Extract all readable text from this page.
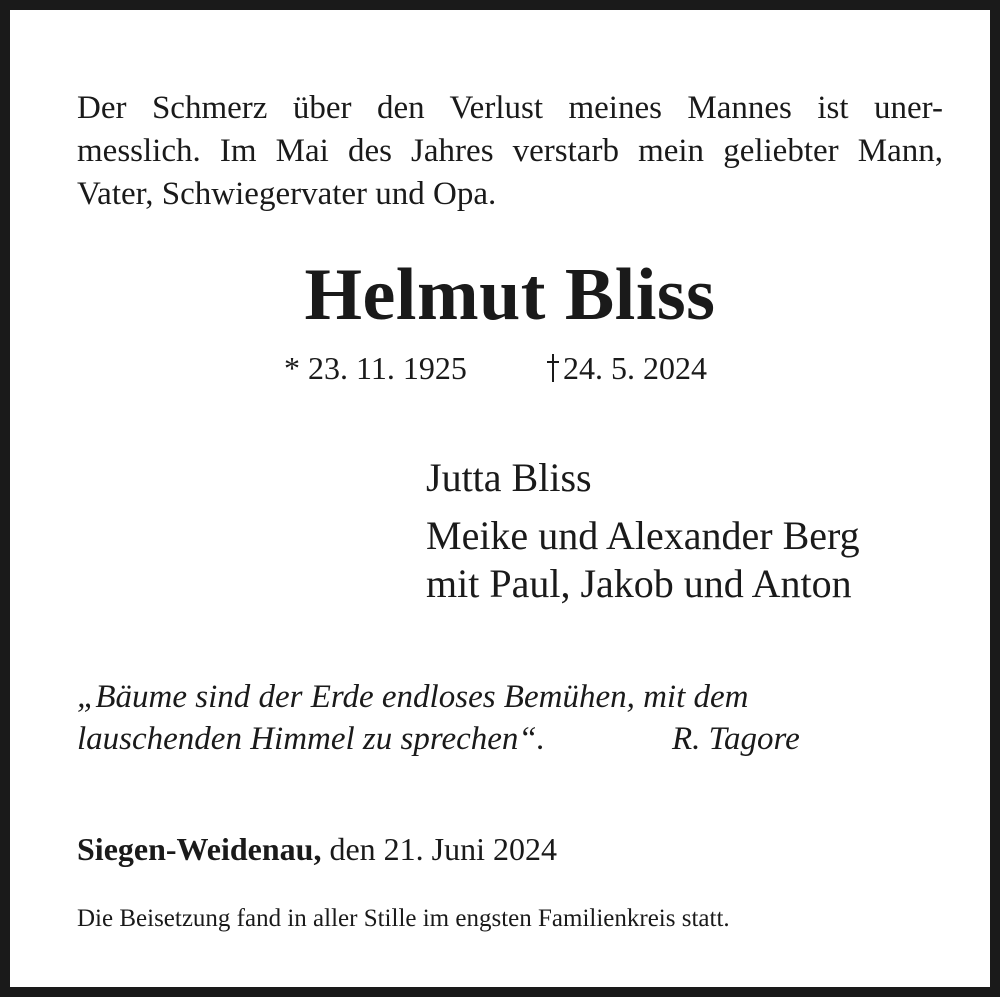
Der Schmerz über den Verlust meines Mannes ist uner-
messlich. Im Mai des Jahres verstarb mein geliebter Mann,
Vater, Schwiegervater und Opa.

Helmut Bliss
* 23. 11. 1925	24. 5. 2024
Jutta Bliss
Meike und Alexander Berg
mit Paul, Jakob und Anton
„Bäume sind der Erde endloses Bemühen, mit dem
lauschenden Himmel zu sprechen“.	R. Tagore
Siegen-Weidenau, den 21. Juni 2024
Die Beisetzung fand in aller Stille im engsten Familienkreis statt.
